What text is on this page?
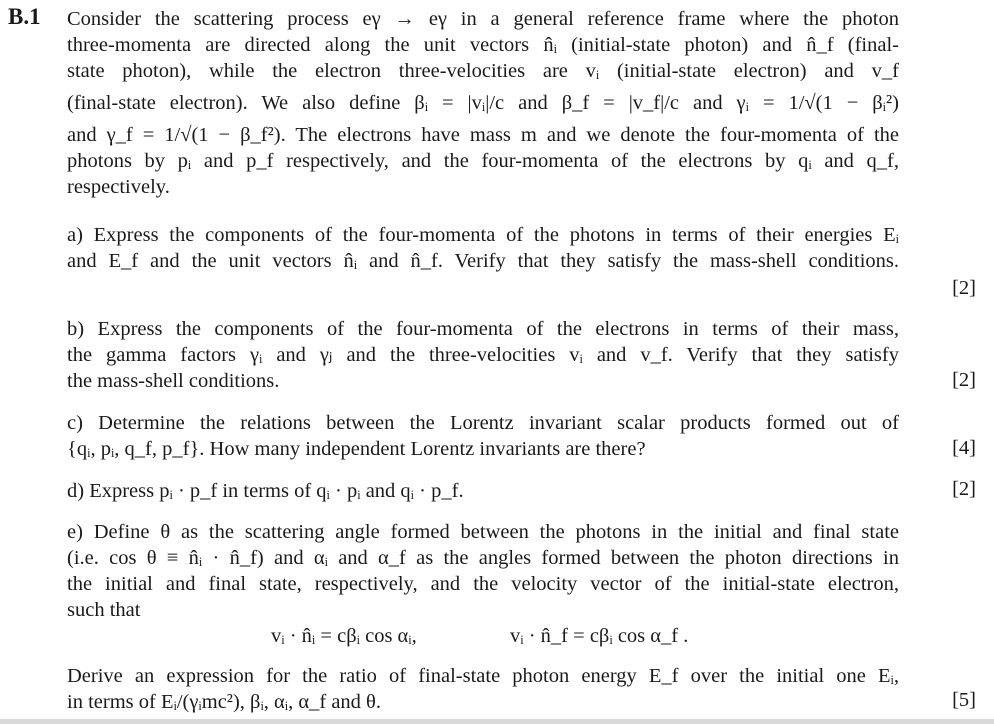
B.1 Consider the scattering process eγ → eγ in a general reference frame where the photon
three-momenta are directed along the unit vectors n̂ᵢ (initial-state photon) and n̂_f (final-
state photon), while the electron three-velocities are vᵢ (initial-state electron) and v_f
(final-state electron). We also define βᵢ = |vᵢ|/c and β_f = |v_f|/c and γᵢ = 1/√(1 − βᵢ²)
and γ_f = 1/√(1 − β_f²). The electrons have mass m and we denote the four-momenta of the
photons by pᵢ and p_f respectively, and the four-momenta of the electrons by qᵢ and q_f,
respectively.
a) Express the components of the four-momenta of the photons in terms of their energies Eᵢ
and E_f and the unit vectors n̂ᵢ and n̂_f. Verify that they satisfy the mass-shell conditions.
[2]
b) Express the components of the four-momenta of the electrons in terms of their mass,
the gamma factors γᵢ and γⱼ and the three-velocities vᵢ and v_f. Verify that they satisfy
the mass-shell conditions.	[2]
c) Determine the relations between the Lorentz invariant scalar products formed out of
{qᵢ, pᵢ, q_f, p_f}. How many independent Lorentz invariants are there?	[4]
d) Express pᵢ · p_f in terms of qᵢ · pᵢ and qᵢ · p_f.	[2]
e) Define θ as the scattering angle formed between the photons in the initial and final state
(i.e. cos θ ≡ n̂ᵢ · n̂_f) and αᵢ and α_f as the angles formed between the photon directions in
the initial and final state, respectively, and the velocity vector of the initial-state electron,
such that
vᵢ · n̂ᵢ = cβᵢ cos αᵢ,	vᵢ · n̂_f = cβᵢ cos α_f .
Derive an expression for the ratio of final-state photon energy E_f over the initial one Eᵢ,
in terms of Eᵢ/(γᵢmc²), βᵢ, αᵢ, α_f and θ.	[5]
